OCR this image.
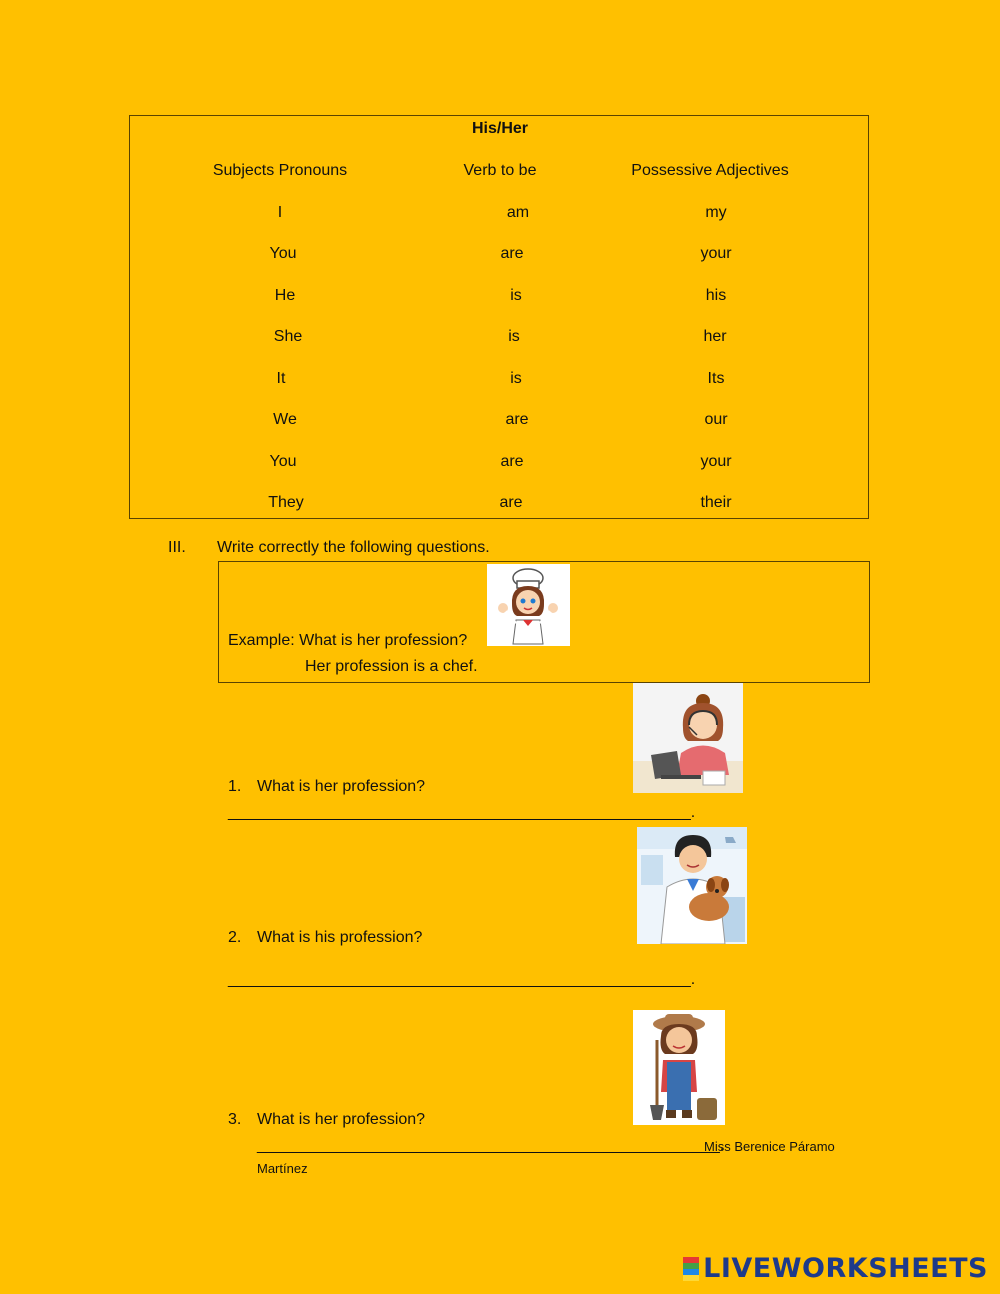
His/Her
Subjects Pronouns	Verb to be	Possessive Adjectives
I	am	my
You	are	your
He	is	his
She	is	her
It	is	Its
We	are	our
You	are	your
They	are	their
III. Write correctly the following questions.
Example: What is her profession?
Her profession is a chef.
1. What is her profession?
____________________________________________________.
2. What is his profession?
____________________________________________________.
3. What is her profession?
____________________________________________________.
Miss Berenice Páramo
Martínez
LIVEWORKSHEETS
